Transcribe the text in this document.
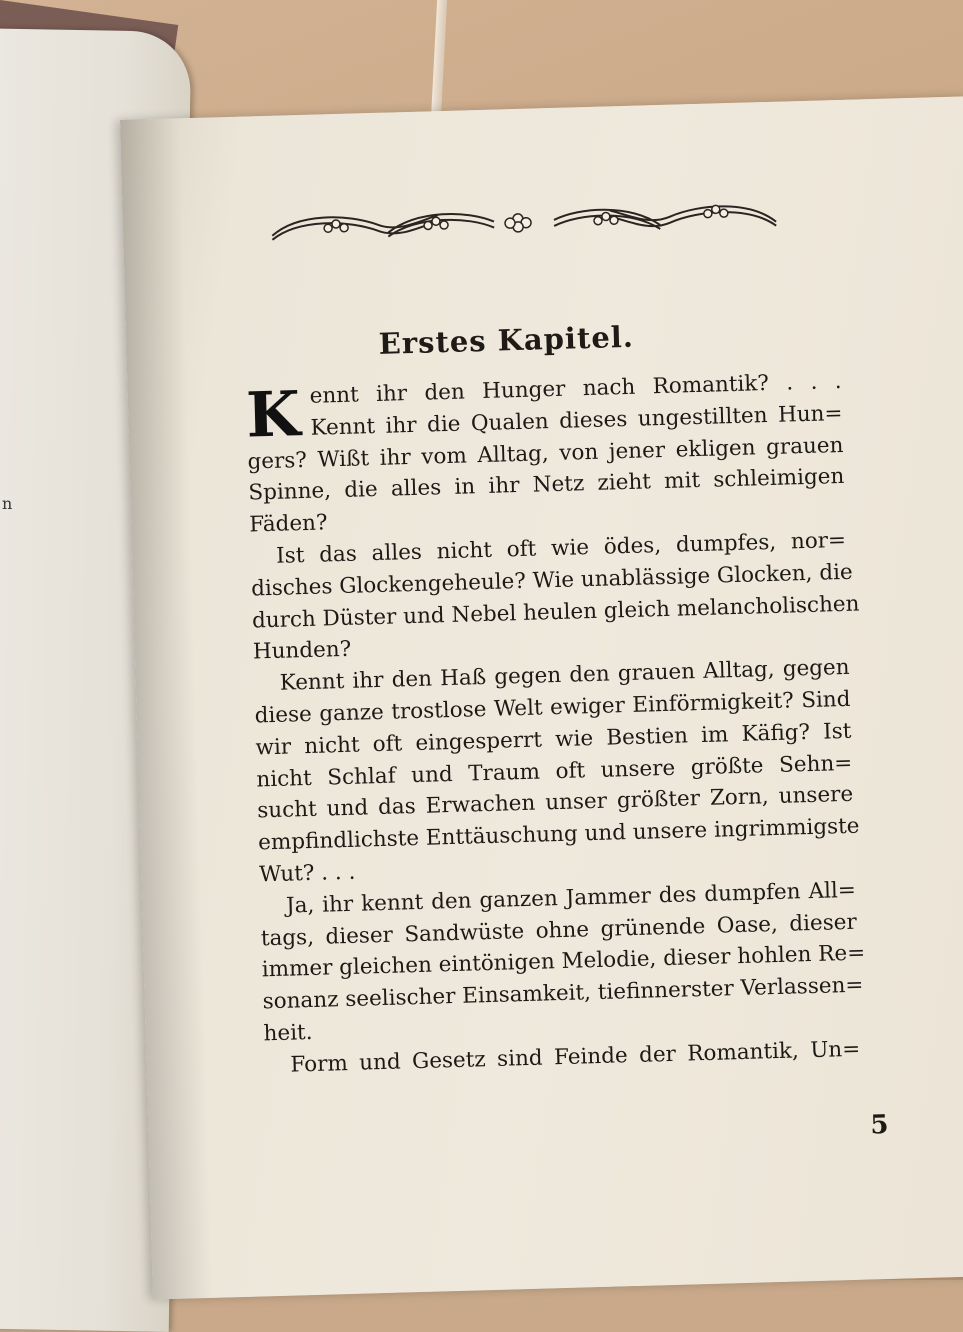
n
Erstes Kapitel.
K ennt ihr den Hunger nach Romantik? . . .
Kennt ihr die Qualen dieses ungestillten Hun=
gers? Wißt ihr vom Alltag, von jener ekligen grauen
Spinne, die alles in ihr Netz zieht mit schleimigen
Fäden?
Ist das alles nicht oft wie ödes, dumpfes, nor=
disches Glockengeheule? Wie unablässige Glocken, die
durch Düster und Nebel heulen gleich melancholischen
Hunden?
Kennt ihr den Haß gegen den grauen Alltag, gegen
diese ganze trostlose Welt ewiger Einförmigkeit? Sind
wir nicht oft eingesperrt wie Bestien im Käfig? Ist
nicht Schlaf und Traum oft unsere größte Sehn=
sucht und das Erwachen unser größter Zorn, unsere
empfindlichste Enttäuschung und unsere ingrimmigste
Wut? . . .
Ja, ihr kennt den ganzen Jammer des dumpfen All=
tags, dieser Sandwüste ohne grünende Oase, dieser
immer gleichen eintönigen Melodie, dieser hohlen Re=
sonanz seelischer Einsamkeit, tiefinnerster Verlassen=
heit.
Form und Gesetz sind Feinde der Romantik, Un=
5
